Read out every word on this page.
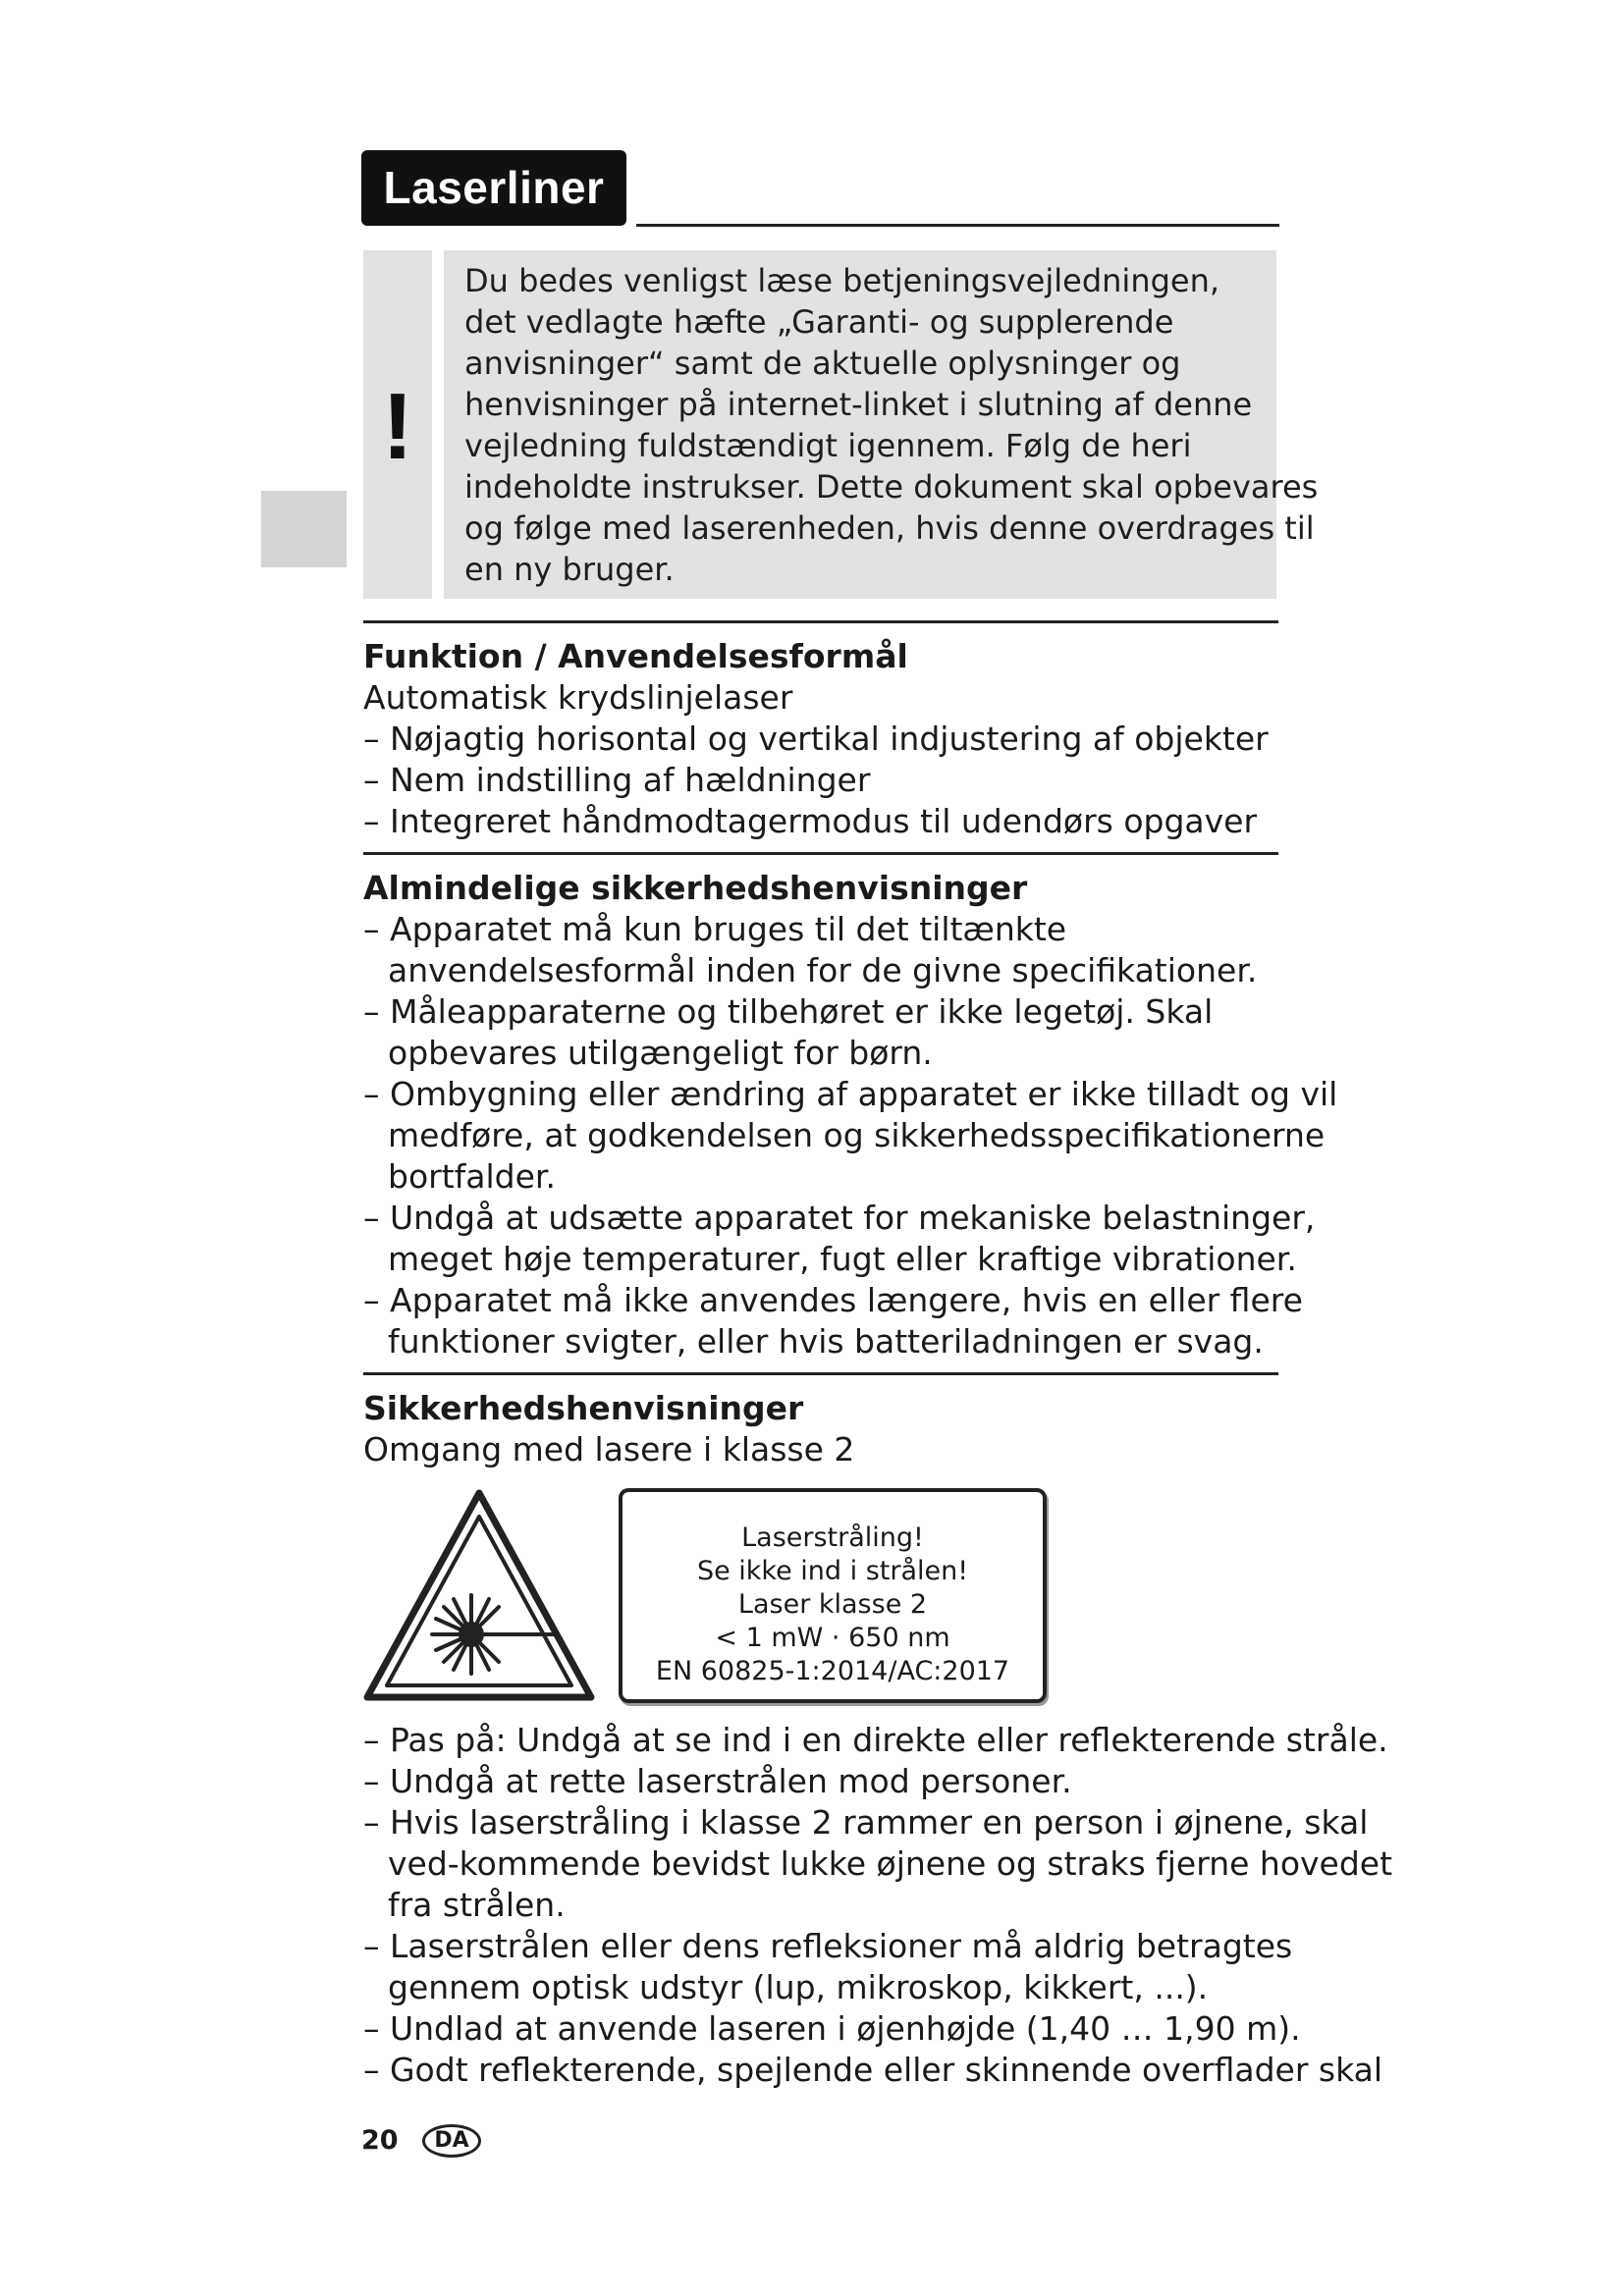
Laserliner
!
Du bedes venligst læse betjeningsvejledningen,
det vedlagte hæfte „Garanti- og supplerende
anvisninger“ samt de aktuelle oplysninger og
henvisninger på internet-linket i slutning af denne
vejledning fuldstændigt igennem. Følg de heri
indeholdte instrukser. Dette dokument skal opbevares
og følge med laserenheden, hvis denne overdrages til
en ny bruger.
Funktion / Anvendelsesformål
Automatisk krydslinjelaser
– Nøjagtig horisontal og vertikal indjustering af objekter
– Nem indstilling af hældninger
– Integreret håndmodtagermodus til udendørs opgaver
Almindelige sikkerhedshenvisninger
– Apparatet må kun bruges til det tiltænkte
anvendelsesformål inden for de givne specifikationer.
– Måleapparaterne og tilbehøret er ikke legetøj. Skal
opbevares utilgængeligt for børn.
– Ombygning eller ændring af apparatet er ikke tilladt og vil
medføre, at godkendelsen og sikkerhedsspecifikationerne
bortfalder.
– Undgå at udsætte apparatet for mekaniske belastninger,
meget høje temperaturer, fugt eller kraftige vibrationer.
– Apparatet må ikke anvendes længere, hvis en eller flere
funktioner svigter, eller hvis batteriladningen er svag.
Sikkerhedshenvisninger
Omgang med lasere i klasse 2
Laserstråling!
Se ikke ind i strålen!
Laser klasse 2
< 1 mW · 650 nm
EN 60825-1:2014/AC:2017
– Pas på: Undgå at se ind i en direkte eller reflekterende stråle.
– Undgå at rette laserstrålen mod personer.
– Hvis laserstråling i klasse 2 rammer en person i øjnene, skal
ved-kommende bevidst lukke øjnene og straks fjerne hovedet
fra strålen.
– Laserstrålen eller dens refleksioner må aldrig betragtes
gennem optisk udstyr (lup, mikroskop, kikkert, ...).
– Undlad at anvende laseren i øjenhøjde (1,40 … 1,90 m).
– Godt reflekterende, spejlende eller skinnende overflader skal
20	DA
